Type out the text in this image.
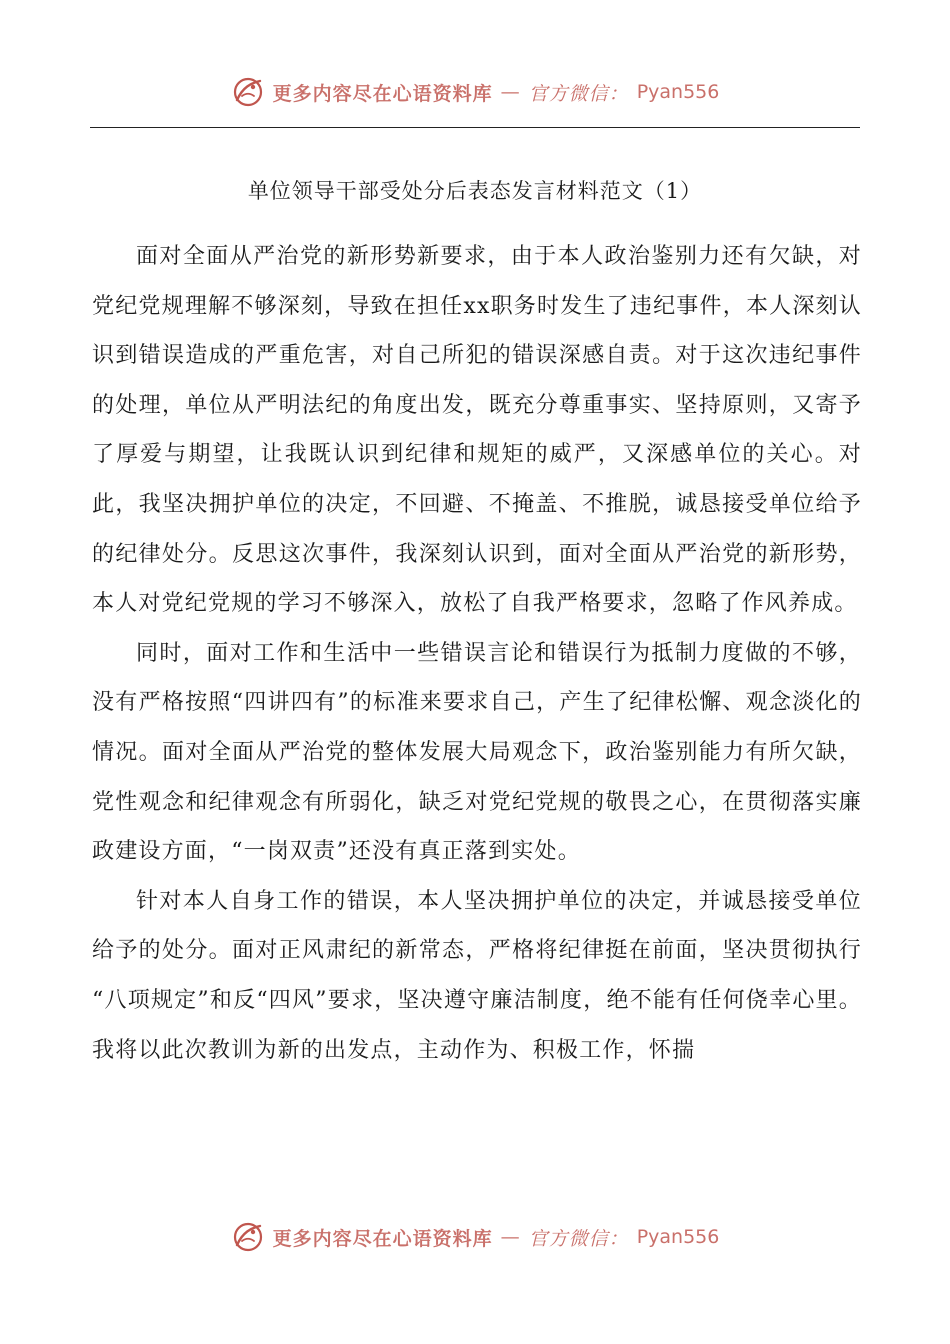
更多内容尽在心语资料库 — 官方微信： Pyan556
单位领导干部受处分后表态发言材料范文（1）

面对全面从严治党的新形势新要求，由于本人政治鉴别力还有欠缺，对党纪党规理解不够深刻，导致在担任xx职务时发生了违纪事件，本人深刻认识到错误造成的严重危害，对自己所犯的错误深感自责。对于这次违纪事件的处理，单位从严明法纪的角度出发，既充分尊重事实、坚持原则，又寄予了厚爱与期望，让我既认识到纪律和规矩的威严，又深感单位的关心。对此，我坚决拥护单位的决定，不回避、不掩盖、不推脱，诚恳接受单位给予的纪律处分。反思这次事件，我深刻认识到，面对全面从严治党的新形势，本人对党纪党规的学习不够深入，放松了自我严格要求，忽略了作风养成。

同时，面对工作和生活中一些错误言论和错误行为抵制力度做的不够，没有严格按照“四讲四有”的标准来要求自己，产生了纪律松懈、观念淡化的情况。面对全面从严治党的整体发展大局观念下，政治鉴别能力有所欠缺，党性观念和纪律观念有所弱化，缺乏对党纪党规的敬畏之心，在贯彻落实廉政建设方面，“一岗双责”还没有真正落到实处。

针对本人自身工作的错误，本人坚决拥护单位的决定，并诚恳接受单位给予的处分。面对正风肃纪的新常态，严格将纪律挺在前面，坚决贯彻执行 “八项规定”和反“四风”要求，坚决遵守廉洁制度，绝不能有任何侥幸心里。我将以此次教训为新的出发点，主动作为、积极工作，怀揣

更多内容尽在心语资料库 — 官方微信： Pyan556
